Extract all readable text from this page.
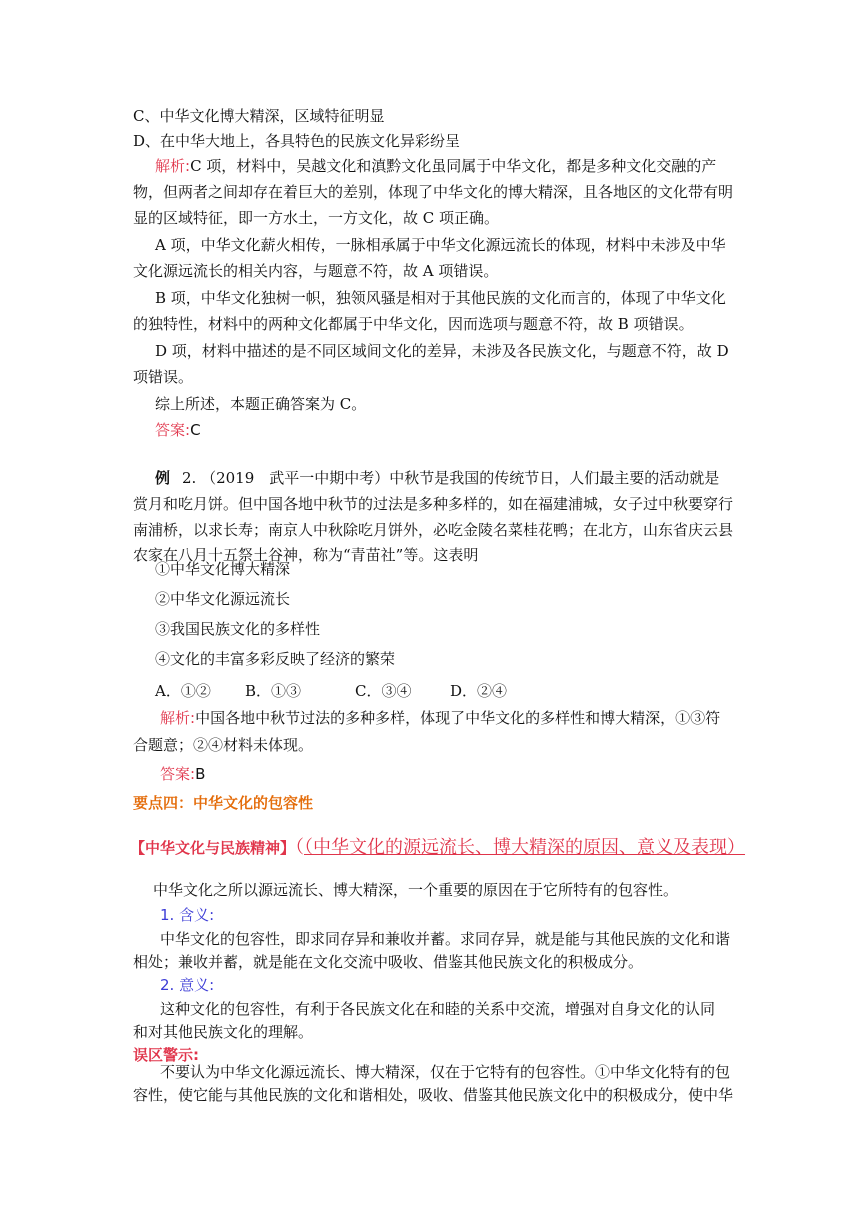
C、中华文化博大精深，区域特征明显
D、在中华大地上，各具特色的民族文化异彩纷呈
解析:C 项，材料中，吴越文化和滇黔文化虽同属于中华文化，都是多种文化交融的产
物，但两者之间却存在着巨大的差别，体现了中华文化的博大精深，且各地区的文化带有明
显的区域特征，即一方水土，一方文化，故 C 项正确。
A 项，中华文化薪火相传，一脉相承属于中华文化源远流长的体现，材料中未涉及中华
文化源远流长的相关内容，与题意不符，故 A 项错误。
B 项，中华文化独树一帜，独领风骚是相对于其他民族的文化而言的，体现了中华文化
的独特性，材料中的两种文化都属于中华文化，因而选项与题意不符，故 B 项错误。
D 项，材料中描述的是不同区域间文化的差异，未涉及各民族文化，与题意不符，故 D
项错误。
综上所述，本题正确答案为 C。
答案:C
例 2. （2019　武平一中期中考）中秋节是我国的传统节日，人们最主要的活动就是
赏月和吃月饼。但中国各地中秋节的过法是多种多样的，如在福建浦城，女子过中秋要穿行
南浦桥，以求长寿；南京人中秋除吃月饼外，必吃金陵名菜桂花鸭；在北方，山东省庆云县
农家在八月十五祭土谷神，称为“青苗社”等。这表明
①中华文化博大精深
②中华文化源远流长
③我国民族文化的多样性
④文化的丰富多彩反映了经济的繁荣
A．①② B．①③	C．③④	D．②④
解析:中国各地中秋节过法的多种多样，体现了中华文化的多样性和博大精深，①③符
合题意；②④材料未体现。
答案:B
要点四：中华文化的包容性
【中华文化与民族精神】（（中华文化的源远流长、博大精深的原因、意义及表现）
中华文化之所以源远流长、博大精深，一个重要的原因在于它所特有的包容性。
1. 含义:
中华文化的包容性，即求同存异和兼收并蓄。求同存异，就是能与其他民族的文化和谐
相处；兼收并蓄，就是能在文化交流中吸收、借鉴其他民族文化的积极成分。
2. 意义:
这种文化的包容性，有利于各民族文化在和睦的关系中交流，增强对自身文化的认同
和对其他民族文化的理解。
误区警示:
不要认为中华文化源远流长、博大精深，仅在于它特有的包容性。①中华文化特有的包
容性，使它能与其他民族的文化和谐相处，吸收、借鉴其他民族文化中的积极成分，使中华
